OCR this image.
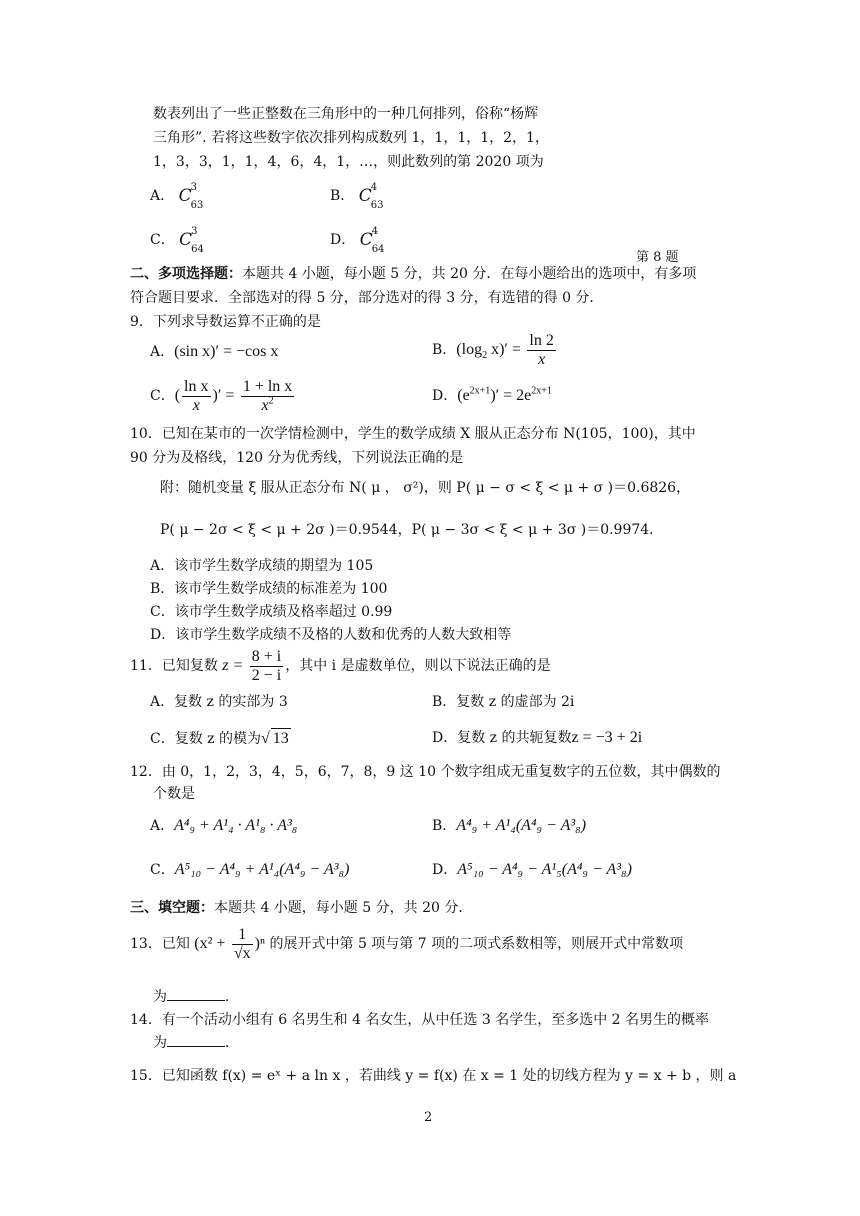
数表列出了一些正整数在三角形中的一种几何排列，俗称“杨辉
三角形”. 若将这些数字依次排列构成数列 1，1，1，1，2，1，
1，3，3，1，1，4，6，4，1，…，则此数列的第 2020 项为
A． C
3
63
B． C
4
63
C． C
3
64
D． C
4
64
第 8 题
二、多项选择题：本题共 4 小题，每小题 5 分，共 20 分．在每小题给出的选项中，有多项
符合题目要求．全部选对的得 5 分，部分选对的得 3 分，有选错的得 0 分．
9．下列求导数运算不正确的是
A．(sin x)′ = −cos x	B．($\log_2$ $x)' = \frac{\ln 2}{x}$
C．( $\frac{\text{ln x}}{x}$ )′ = $\frac{\text{1 + ln x}}{x^2}$	D．$(e^{2x+1})' = 2e^{2x+1}$
10．已知在某市的一次学情检测中，学生的数学成绩 X 服从正态分布 N(105，100)，其中
90 分为及格线，120 分为优秀线，下列说法正确的是
附：随机变量 ξ 服从正态分布 N( μ ， σ²)，则 P( μ − σ < ξ < μ + σ )＝0.6826，
P( μ − 2σ < ξ < μ + 2σ )＝0.9544，P( μ − 3σ < ξ < μ + 3σ )＝0.9974．
A．该市学生数学成绩的期望为 105
B．该市学生数学成绩的标准差为 100
C．该市学生数学成绩及格率超过 0.99
D．该市学生数学成绩不及格的人数和优秀的人数大致相等
11．已知复数 $z = \frac{8 + i}{2 - i}$ ，其中 i 是虚数单位，则以下说法正确的是
A．复数 z 的实部为 3	B．复数 z 的虚部为 2i
C．复数 z 的模为√ 13	D．复数 z 的共轭复数z = −3 + 2i
12．由 0，1，2，3，4，5，6，7，8，9 这 10 个数字组成无重复数字的五位数，其中偶数的
个数是
A．A⁴₉ + A¹₄ · A¹₈ · A³₈	B．A⁴₉ + A¹₄(A⁴₉ − A³₈)
C．A⁵₁₀ − A⁴₉ + A¹₄(A⁴₉ − A³₈)	D．A⁵₁₀ − A⁴₉ − A¹₅(A⁴₉ − A³₈)
三、填空题：本题共 4 小题，每小题 5 分，共 20 分．
13．已知 $(x^2 + \frac{1}{√x} )^n$ 的展开式中第 5 项与第 7 项的二项式系数相等，则展开式中常数项
为	．
14．有一个活动小组有 6 名男生和 4 名女生，从中任选 3 名学生，至多选中 2 名男生的概率
为	．
15．已知函数 f(x) = eˣ + a ln x ，若曲线 y = f(x) 在 x = 1 处的切线方程为 y = x + b ，则 a
2
